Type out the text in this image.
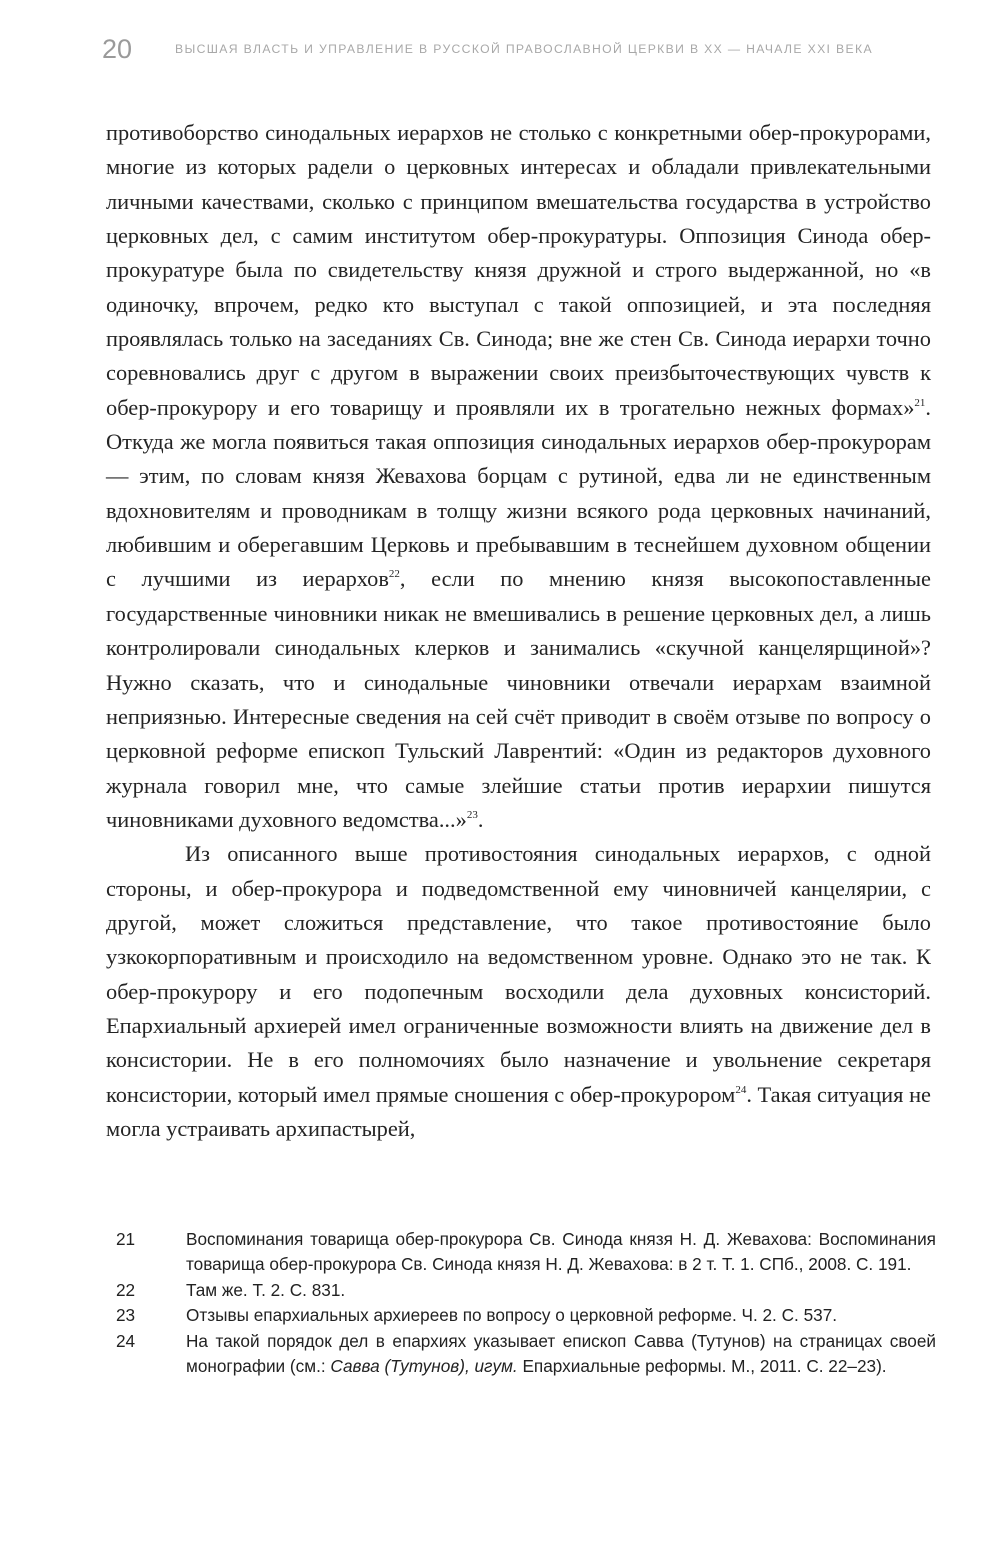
20	ВЫСШАЯ ВЛАСТЬ И УПРАВЛЕНИЕ В РУССКОЙ ПРАВОСЛАВНОЙ ЦЕРКВИ В XX — НАЧАЛЕ XXI ВЕКА

противоборство синодальных иерархов не столько с конкретными обер-прокурорами, многие из которых радели о церковных интересах и обладали привлекательными личными качествами, сколько с принципом вмешательства государства в устройство церковных дел, с самим институтом обер-прокуратуры. Оппозиция Синода обер-прокуратуре была по свидетельству князя дружной и строго выдержанной, но «в одиночку, впрочем, редко кто выступал с такой оппозицией, и эта последняя проявлялась только на заседаниях Св. Синода; вне же стен Св. Синода иерархи точно соревновались друг с другом в выражении своих преизбыточествующих чувств к обер-прокурору и его товарищу и проявляли их в трогательно нежных формах»$^{21}$. Откуда же могла появиться такая оппозиция синодальных иерархов обер-прокурорам — этим, по словам князя Жевахова борцам с рутиной, едва ли не единственным вдохновителям и проводникам в толщу жизни всякого рода церковных начинаний, любившим и оберегавшим Церковь и пребывавшим в теснейшем духовном общении с лучшими из иерархов$^{22}$, если по мнению князя высокопоставленные государственные чиновники никак не вмешивались в решение церковных дел, а лишь контролировали синодальных клерков и занимались «скучной канцелярщиной»? Нужно сказать, что и синодальные чиновники отвечали иерархам взаимной неприязнью. Интересные сведения на сей счёт приводит в своём отзыве по вопросу о церковной реформе епископ Тульский Лаврентий: «Один из редакторов духовного журнала говорил мне, что самые злейшие статьи против иерархии пишутся чиновниками духовного ведомства...»$^{23}$.

Из описанного выше противостояния синодальных иерархов, с одной стороны, и обер-прокурора и подведомственной ему чиновничей канцелярии, с другой, может сложиться представление, что такое противостояние было узкокорпоративным и происходило на ведомственном уровне. Однако это не так. К обер-прокурору и его подопечным восходили дела духовных консисторий. Епархиальный архиерей имел ограниченные возможности влиять на движение дел в консистории. Не в его полномочиях было назначение и увольнение секретаря консистории, который имел прямые сношения с обер-прокурором$^{24}$. Такая ситуация не могла устраивать архипастырей,

21	Воспоминания товарища обер-прокурора Св. Синода князя Н. Д. Жевахова: Воспоминания товарища обер-прокурора Св. Синода князя Н. Д. Жевахова: в 2 т. Т. 1. СПб., 2008. С. 191.
22	Там же. Т. 2. С. 831.
23	Отзывы епархиальных архиереев по вопросу о церковной реформе. Ч. 2. С. 537.
24	На такой порядок дел в епархиях указывает епископ Савва (Тутунов) на страницах своей монографии (см.: Савва (Тутунов), игум. Епархиальные реформы. М., 2011. С. 22–23).
